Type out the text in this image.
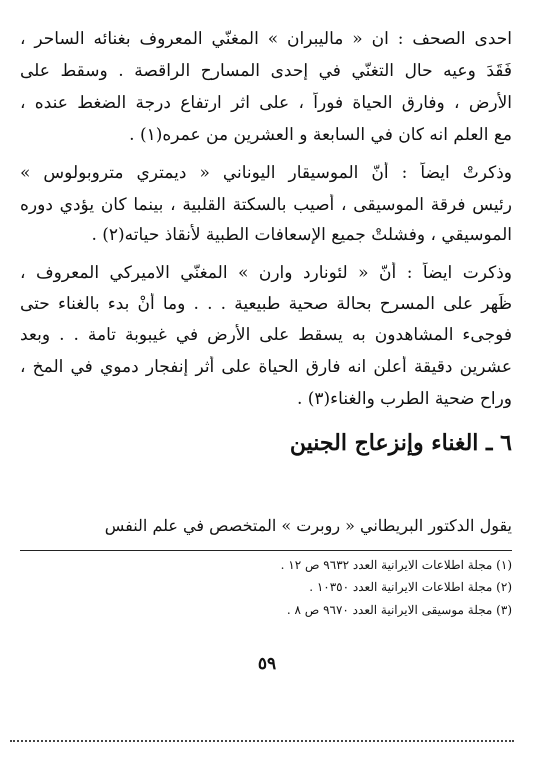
احدى الصحف : ان « ماليبران » المغنّي المعروف بغنائه الساحر ،
فَقَدَ وعيه حال التغنّي في إحدى المسارح الراقصة . وسقط على
الأرض ، وفارق الحياة فوراً ، على اثر ارتفاع درجة الضغط عنده ،
مع العلم انه كان في السابعة و العشرين من عمره(١) .
وذكرتْ ايضاً : أنّ الموسيقار اليوناني « ديمتري متروبولوس »
رئيس فرقة الموسيقى ، أُصيب بالسكتة القلبية ، بينما كان يؤدي دوره
الموسيقي ، وفشلتْ جميع الإسعافات الطبية لأنقاذ حياته(٢) .
وذكرت ايضاً : أنّ « لئونارد وارن » المغنّي الاميركي المعروف ،
ظَهر على المسرح بحالة صحية طبيعية . . . وما أنْ بدء بالغناء حتى
فوجىء المشاهدون به يسقط على الأرض في غيبوبة تامة . . وبعد
عشرين دقيقة أُعلن انه فارق الحياة على أثر إنفجار دموي في المخ ،
وراح ضحية الطرب والغناء(٣) .
٦ ـ الغناء وإنزعاج الجنين
يقول الدكتور البريطاني « روبرت » المتخصص في علم النفس
(١) مجلة اطلاعات الايرانية العدد ٩٦٣٢ ص ١٢ .
(٢) مجلة اطلاعات الايرانية العدد ١٠٣٥٠ .
(٣) مجلة موسيقى الايرانية العدد ٩٦٧٠ ص ٨ .
٥٩
